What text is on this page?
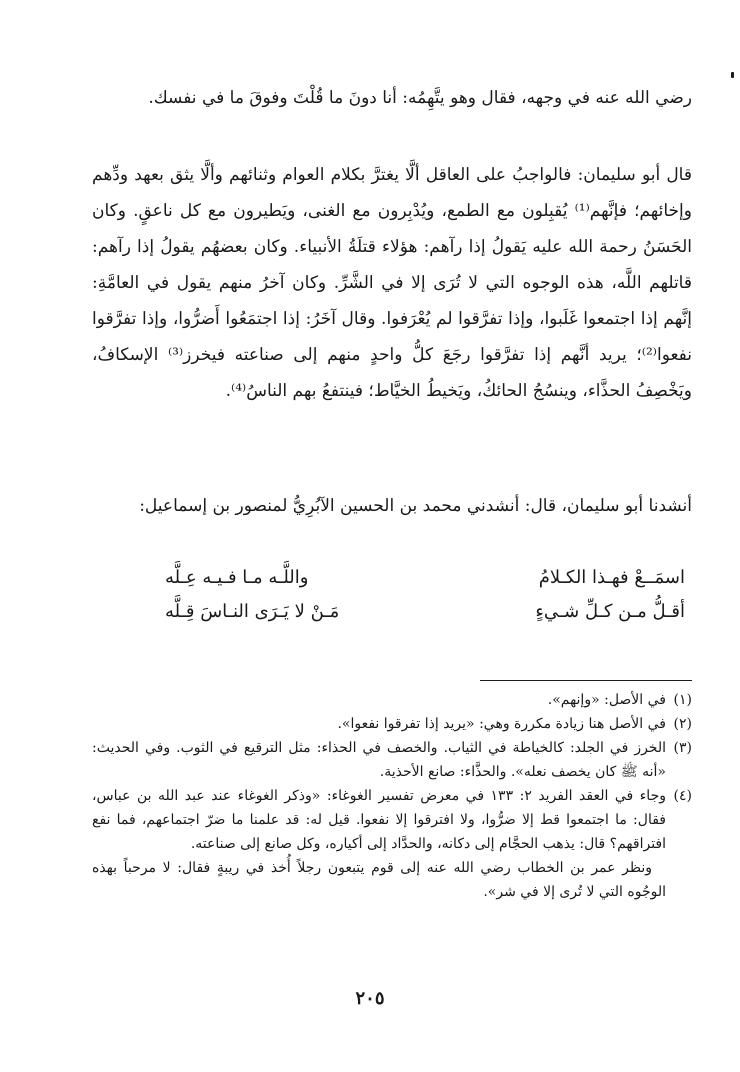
رضي الله عنه في وجهه، فقال وهو يتَّهِمُه: أنا دونَ ما قُلْتَ وفوقَ ما في نفسك.

قال أبو سليمان: فالواجبُ على العاقل ألَّا يغترَّ بكلام العوام وثنائهم وألَّا يثق بعهد ودِّهم وإخائهم؛ فإنَّهم⁽¹⁾ يُقبِلون مع الطمع، ويُدْبِرون مع الغنى، ويَطيرون مع كل ناعقٍ. وكان الحَسَنُ رحمة الله عليه يَقولُ إذا رآهم: هؤلاء قتلَةُ الأنبياء. وكان بعضهُم يقولُ إذا رآهم: قاتلهم اللَّه، هذه الوجوه التي لا تُرَى إلا في الشَّرِّ. وكان آخرُ منهم يقول في العامَّةِ: إنَّهم إذا اجتمعوا غَلَبوا، وإذا تفرَّقوا لم يُعْرَفوا. وقال آخَرُ: إذا اجتمَعُوا أَضرُّوا، وإذا تفرَّقوا نفعوا⁽²⁾؛ يريد أنَّهم إذا تفرَّقوا رجَعَ كلُّ واحدٍ منهم إلى صناعته فيخرز⁽³⁾ الإسكافُ، ويَخْصِفُ الحذَّاء، وينسُجُ الحائكُ، ويَخيطُ الخيَّاط؛ فينتفعُ بهم الناسُ⁽⁴⁾.

أنشدنا أبو سليمان، قال: أنشدني محمد بن الحسين الآبُرِيُّ لمنصور بن إسماعيل:

اسمَــعْ فهـذا الكـلامُ
واللَّـه مـا فـيـه عِـلَّه
أقـلُّ مـن كـلِّ شـيءٍ
مَـنْ لا يَـرَى النـاسَ قِـلَّه
(١)في الأصل: «وإنهم».
(٢)في الأصل هنا زيادة مكررة وهي: «يريد إذا تفرقوا نفعوا».
(٣)الخرز في الجلد: كالخياطة في الثياب. والخصف في الحذاء: مثل الترقيع في الثوب. وفي الحديث: «أنه ﷺ كان يخصف نعله». والحذَّاء: صانع الأحذية.
(٤)وجاء في العقد الفريد ٢: ١٣٣ في معرض تفسير الغوغاء: «وذكر الغوغاء عند عبد الله بن عباس، فقال: ما اجتمعوا قط إلا ضرُّوا، ولا افترقوا إلا نفعوا. قيل له: قد علمنا ما ضرّ اجتماعهم، فما نفع افتراقهم؟ قال: يذهب الحجَّام إلى دكانه، والحدَّاد إلى أكياره، وكل صانع إلى صناعته.
ونظر عمر بن الخطاب رضي الله عنه إلى قوم يتبعون رجلاً أُخذ في ريبةٍ فقال: لا مرحباً بهذه الوجُوه التي لا تُرى إلا في شر».
٢٠٥
